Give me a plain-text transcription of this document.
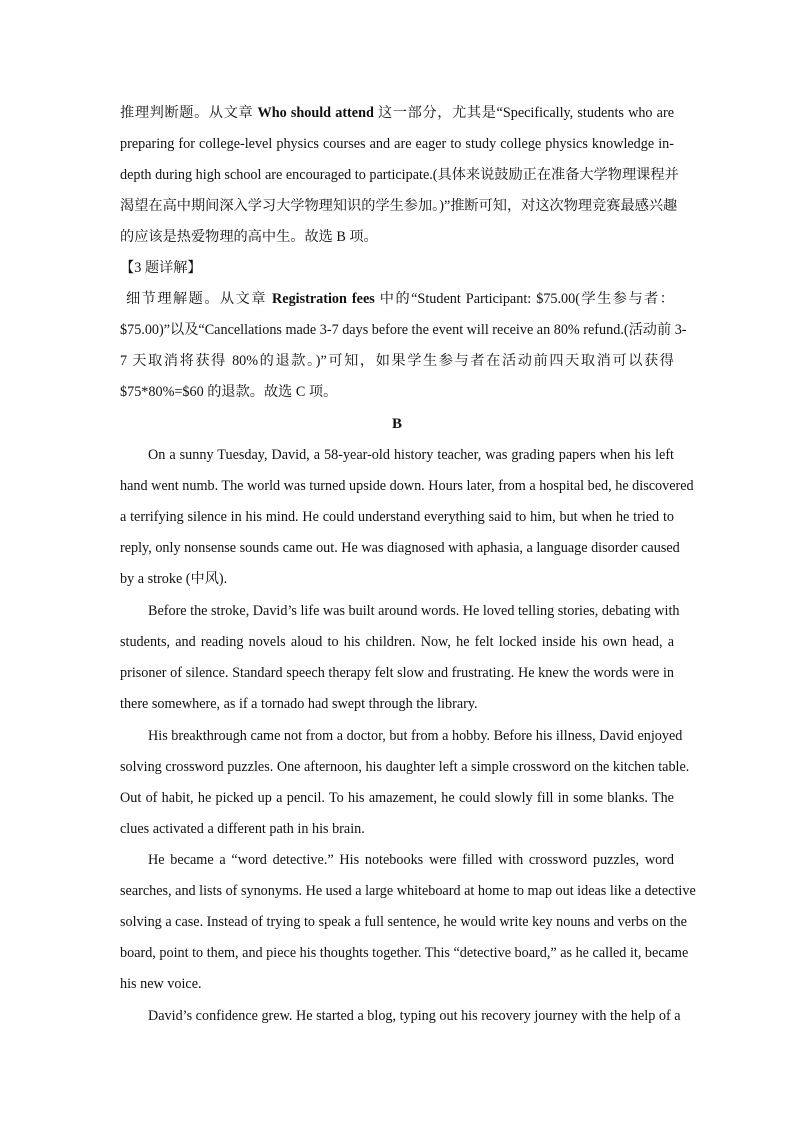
推理判断题。从文章 Who should attend 这一部分，尤其是“Specifically, students who are
preparing for college-level physics courses and are eager to study college physics knowledge in-
depth during high school are encouraged to participate.(具体来说鼓励正在准备大学物理课程并
渴望在高中期间深入学习大学物理知识的学生参加。)”推断可知，对这次物理竞赛最感兴趣
的应该是热爱物理的高中生。故选 B 项。
【3 题详解】
细节理解题。从文章 Registration fees 中的“Student Participant: $75.00(学生参与者：
$75.00)”以及“Cancellations made 3-7 days before the event will receive an 80% refund.(活动前 3-
7 天取消将获得 80%的退款。)”可知，如果学生参与者在活动前四天取消可以获得
$75*80%=$60 的退款。故选 C 项。
B
On a sunny Tuesday, David, a 58-year-old history teacher, was grading papers when his left
hand went numb. The world was turned upside down. Hours later, from a hospital bed, he discovered
a terrifying silence in his mind. He could understand everything said to him, but when he tried to
reply, only nonsense sounds came out. He was diagnosed with aphasia, a language disorder caused
by a stroke (中风).
Before the stroke, David’s life was built around words. He loved telling stories, debating with
students, and reading novels aloud to his children. Now, he felt locked inside his own head, a
prisoner of silence. Standard speech therapy felt slow and frustrating. He knew the words were in
there somewhere, as if a tornado had swept through the library.
His breakthrough came not from a doctor, but from a hobby. Before his illness, David enjoyed
solving crossword puzzles. One afternoon, his daughter left a simple crossword on the kitchen table.
Out of habit, he picked up a pencil. To his amazement, he could slowly fill in some blanks. The
clues activated a different path in his brain.
He became a “word detective.” His notebooks were filled with crossword puzzles, word
searches, and lists of synonyms. He used a large whiteboard at home to map out ideas like a detective
solving a case. Instead of trying to speak a full sentence, he would write key nouns and verbs on the
board, point to them, and piece his thoughts together. This “detective board,” as he called it, became
his new voice.
David’s confidence grew. He started a blog, typing out his recovery journey with the help of a
